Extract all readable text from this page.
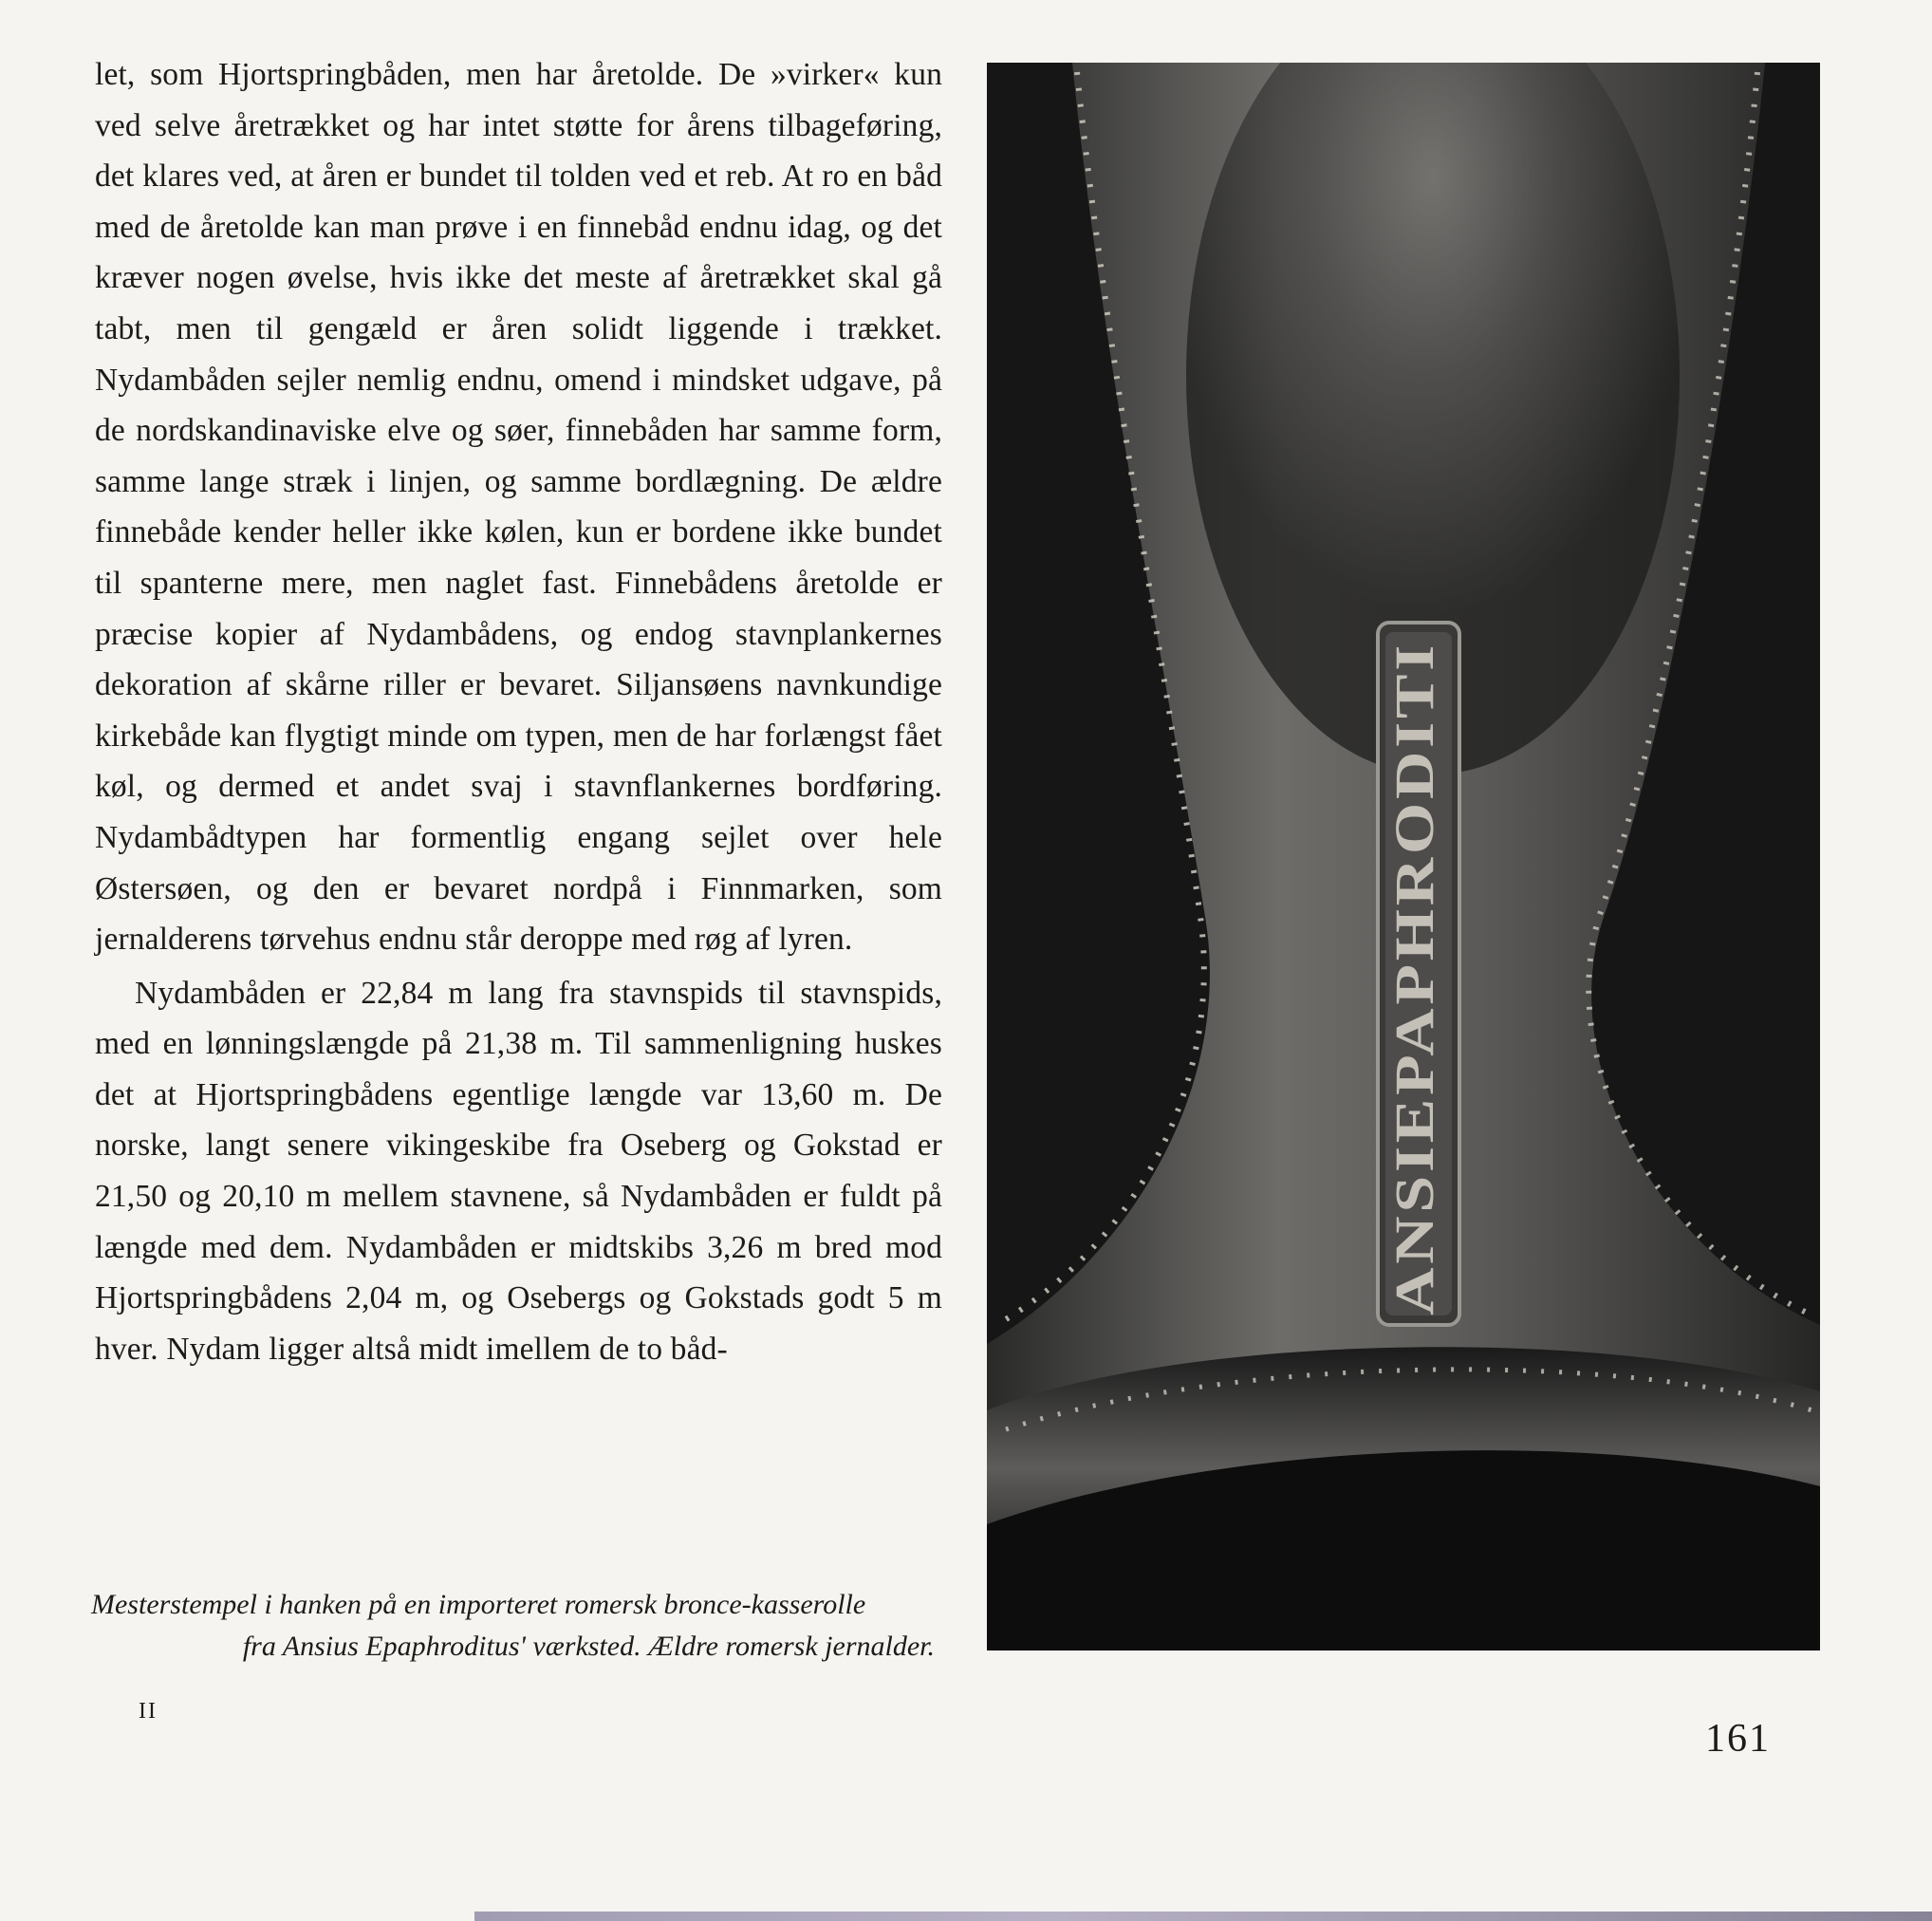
let, som Hjortspringbåden, men har åretolde. De »virker« kun ved selve åretrækket og har intet støtte for årens tilbageføring, det klares ved, at åren er bundet til tolden ved et reb. At ro en båd med de åretolde kan man prøve i en finnebåd endnu idag, og det kræver nogen øvelse, hvis ikke det meste af åretrækket skal gå tabt, men til gengæld er åren solidt liggende i trækket. Nydambåden sejler nemlig endnu, omend i mindsket udgave, på de nordskandinaviske elve og søer, finnebåden har samme form, samme lange stræk i linjen, og samme bordlægning. De ældre finnebåde kender heller ikke kølen, kun er bordene ikke bundet til spanterne mere, men naglet fast. Finnebådens åretolde er præcise kopier af Nydambådens, og endog stavnplankernes dekoration af skårne riller er bevaret. Siljansøens navnkundige kirkebåde kan flygtigt minde om typen, men de har forlængst fået køl, og dermed et andet svaj i stavnflankernes bordføring. Nydambådtypen har formentlig engang sejlet over hele Østersøen, og den er bevaret nordpå i Finnmarken, som jernalderens tørvehus endnu står deroppe med røg af lyren.

Nydambåden er 22,84 m lang fra stavnspids til stavnspids, med en lønningslængde på 21,38 m. Til sammenligning huskes det at Hjortspringbådens egentlige længde var 13,60 m. De norske, langt senere vikingeskibe fra Oseberg og Gokstad er 21,50 og 20,10 m mellem stavnene, så Nydambåden er fuldt på længde med dem. Nydambåden er midtskibs 3,26 m bred mod Hjortspringbådens 2,04 m, og Osebergs og Gokstads godt 5 m hver. Nydam ligger altså midt imellem de to båd-

ANSIEPAPHRODITI
Mesterstempel i hanken på en importeret romersk bronce-kasserolle
fra Ansius Epaphroditus' værksted. Ældre romersk jernalder.
II
161
